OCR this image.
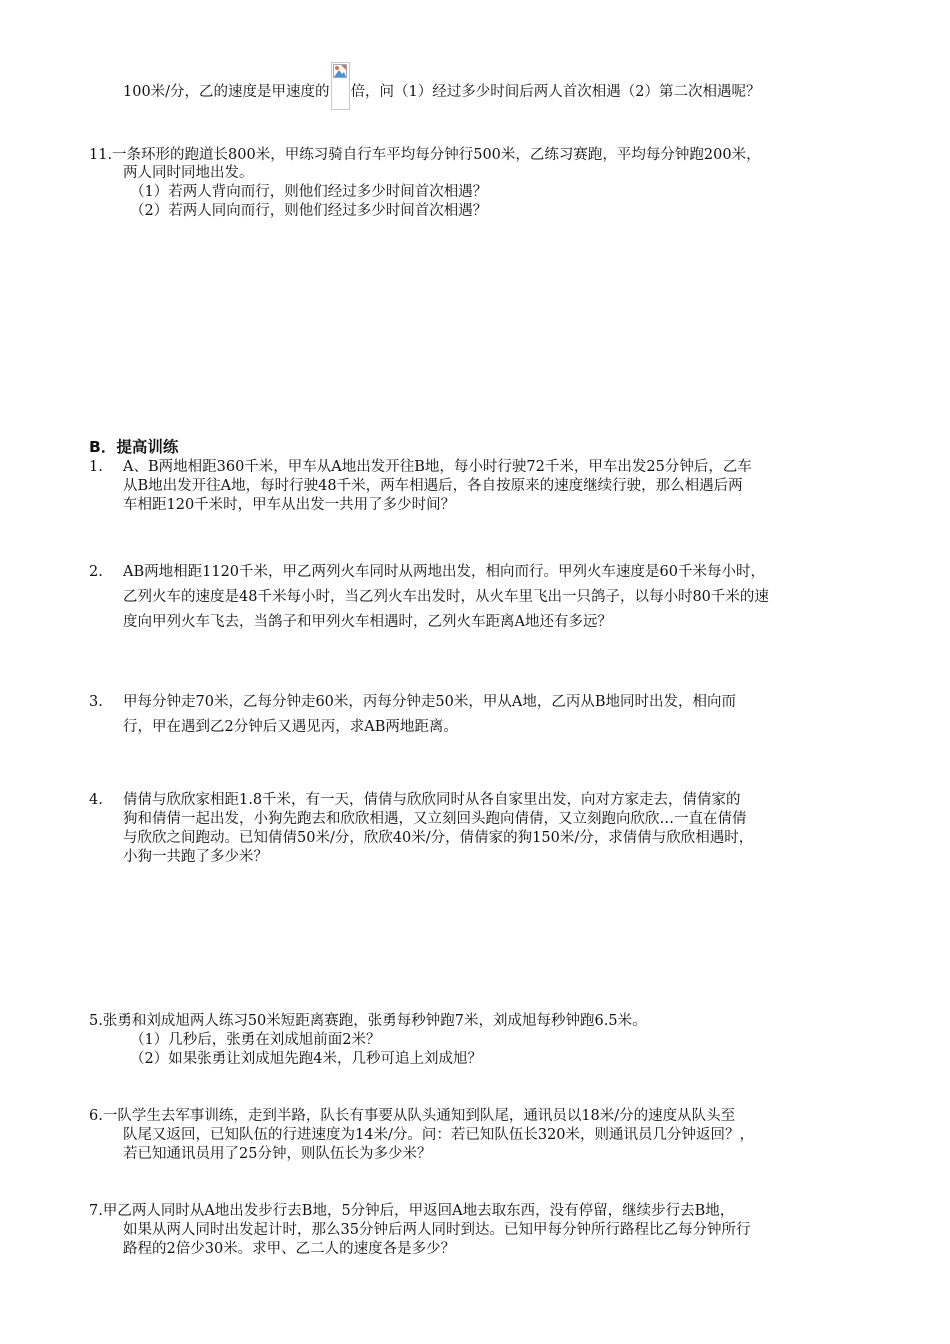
100米/分，乙的速度是甲速度的 倍，问（1）经过多少时间后两人首次相遇（2）第二次相遇呢？
11.一条环形的跑道长800米，甲练习骑自行车平均每分钟行500米，乙练习赛跑，平均每分钟跑200米，
两人同时同地出发。
（1）若两人背向而行，则他们经过多少时间首次相遇？
（2）若两人同向而行，则他们经过多少时间首次相遇？
B．提高训练
1. A、B两地相距360千米，甲车从A地出发开往B地，每小时行驶72千米，甲车出发25分钟后，乙车
从B地出发开往A地，每时行驶48千米，两车相遇后，各自按原来的速度继续行驶，那么相遇后两
车相距120千米时，甲车从出发一共用了多少时间？
2. AB两地相距1120千米，甲乙两列火车同时从两地出发，相向而行。甲列火车速度是60千米每小时，
乙列火车的速度是48千米每小时，当乙列火车出发时，从火车里飞出一只鸽子，以每小时80千米的速
度向甲列火车飞去，当鸽子和甲列火车相遇时，乙列火车距离A地还有多远？
3. 甲每分钟走70米，乙每分钟走60米，丙每分钟走50米，甲从A地，乙丙从B地同时出发，相向而
行，甲在遇到乙2分钟后又遇见丙，求AB两地距离。
4. 倩倩与欣欣家相距1.8千米，有一天，倩倩与欣欣同时从各自家里出发，向对方家走去，倩倩家的
狗和倩倩一起出发，小狗先跑去和欣欣相遇，又立刻回头跑向倩倩，又立刻跑向欣欣…一直在倩倩
与欣欣之间跑动。已知倩倩50米/分，欣欣40米/分，倩倩家的狗150米/分，求倩倩与欣欣相遇时，
小狗一共跑了多少米？
5.张勇和刘成旭两人练习50米短距离赛跑，张勇每秒钟跑7米，刘成旭每秒钟跑6.5米。
（1）几秒后，张勇在刘成旭前面2米？
（2）如果张勇让刘成旭先跑4米，几秒可追上刘成旭？
6.一队学生去军事训练，走到半路，队长有事要从队头通知到队尾，通讯员以18米/分的速度从队头至
队尾又返回，已知队伍的行进速度为14米/分。问：若已知队伍长320米，则通讯员几分钟返回？，
若已知通讯员用了25分钟，则队伍长为多少米？
7.甲乙两人同时从A地出发步行去B地，5分钟后，甲返回A地去取东西，没有停留，继续步行去B地，
如果从两人同时出发起计时，那么35分钟后两人同时到达。已知甲每分钟所行路程比乙每分钟所行
路程的2倍少30米。求甲、乙二人的速度各是多少？
